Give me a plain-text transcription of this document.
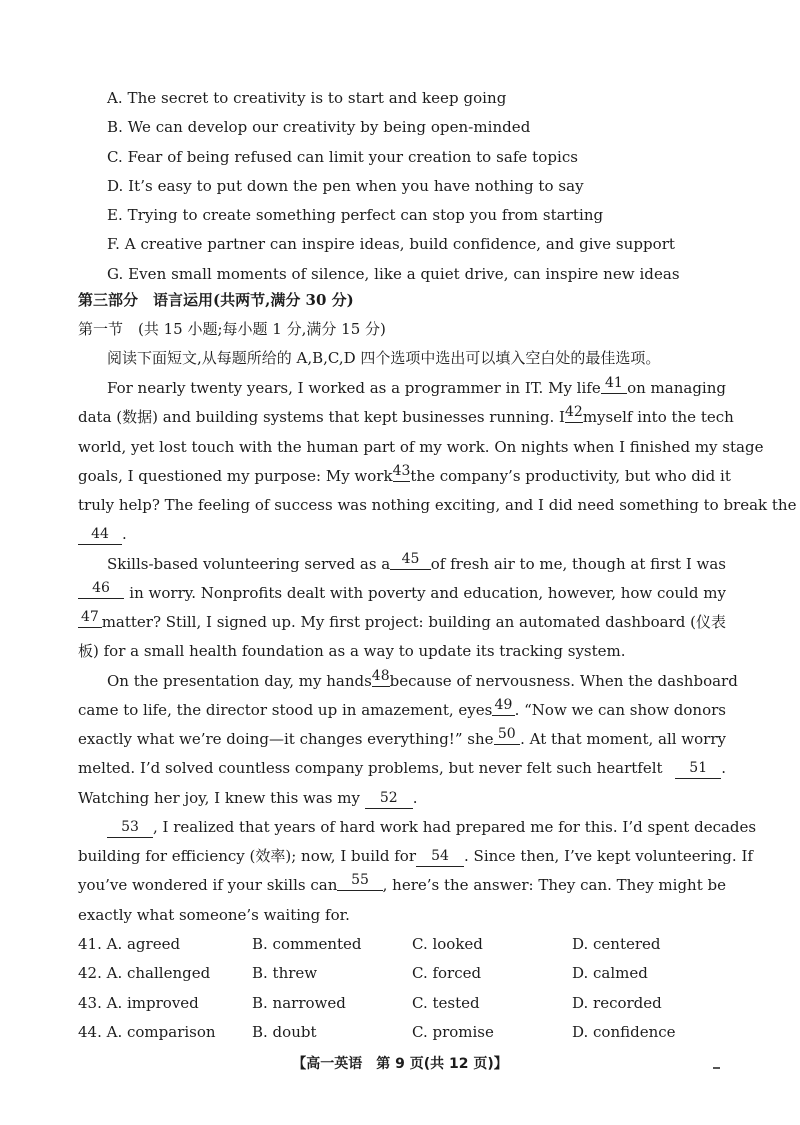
A. The secret to creativity is to start and keep going
B. We can develop our creativity by being open-minded
C. Fear of being refused can limit your creation to safe topics
D. It’s easy to put down the pen when you have nothing to say
E. Trying to create something perfect can stop you from starting
F. A creative partner can inspire ideas, build confidence, and give support
G. Even small moments of silence, like a quiet drive, can inspire new ideas
第三部分　语言运用(共两节,满分 30 分)
第一节　(共 15 小题;每小题 1 分,满分 15 分)
阅读下面短文,从每题所给的 A,B,C,D 四个选项中选出可以填入空白处的最佳选项。
For nearly twenty years, I worked as a programmer in IT. My life 41 on managing
data (数据) and building systems that kept businesses running. I 42 myself into the tech
world, yet lost touch with the human part of my work. On nights when I finished my stage
goals, I questioned my purpose: My work 43 the company’s productivity, but who did it
truly help? The feeling of success was nothing exciting, and I did need something to break the
44 .
Skills-based volunteering served as a 45 of fresh air to me, though at first I was
46	in worry. Nonprofits dealt with poverty and education, however, how could my
47 matter? Still, I signed up. My first project: building an automated dashboard (仪表
板) for a small health foundation as a way to update its tracking system.
On the presentation day, my hands 48 because of nervousness. When the dashboard
came to life, the director stood up in amazement, eyes 49 . “Now we can show donors
exactly what we’re doing—it changes everything!” she 50 . At that moment, all worry
melted. I’d solved countless company problems, but never felt such heartfelt	51 .
Watching her joy, I knew this was my 52 .
53 , I realized that years of hard work had prepared me for this. I’d spent decades
building for efficiency (效率); now, I build for	54 . Since then, I’ve kept volunteering. If
you’ve wondered if your skills can 55 , here’s the answer: They can. They might be
exactly what someone’s waiting for.
41. A. agreed	B. commented	C. looked	D. centered
42. A. challenged	B. threw	C. forced	D. calmed
43. A. improved	B. narrowed	C. tested	D. recorded
44. A. comparison B. doubt	C. promise	D. confidence
【高一英语　第 9 页(共 12 页)】
